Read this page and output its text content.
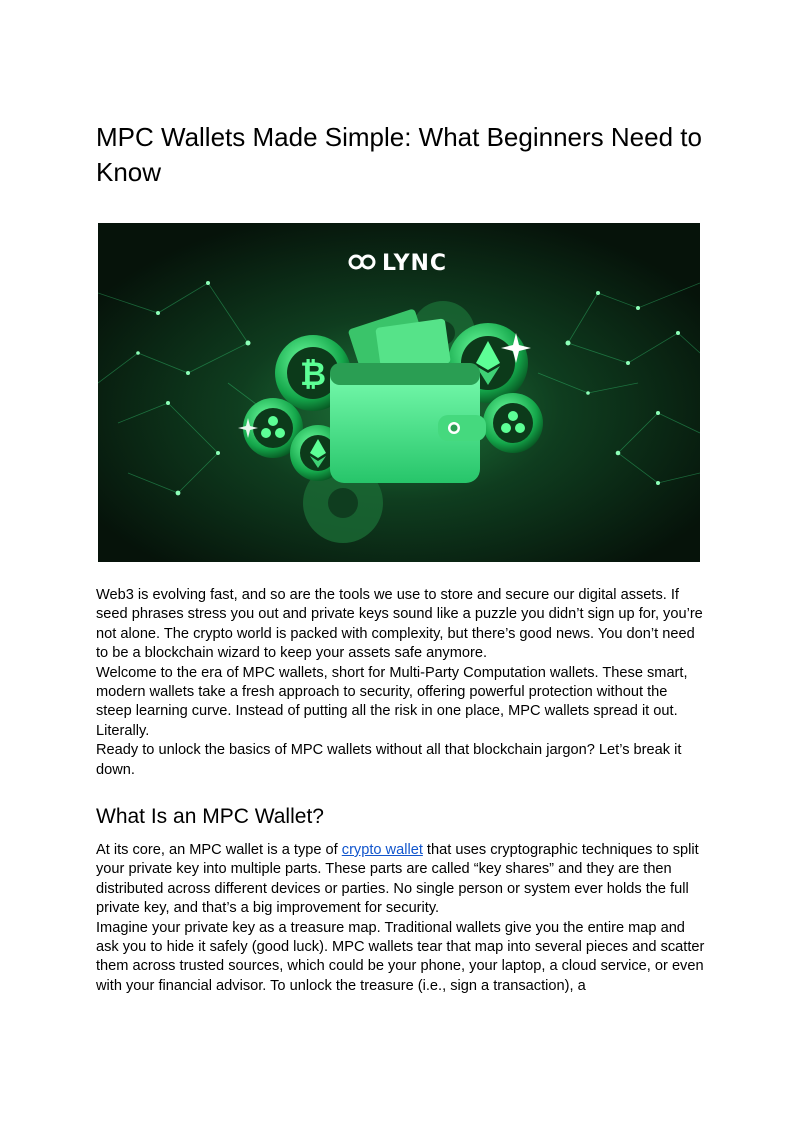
MPC Wallets Made Simple: What Beginners Need to Know
LYNC
₿

Web3 is evolving fast, and so are the tools we use to store and secure our digital assets. If seed phrases stress you out and private keys sound like a puzzle you didn’t sign up for, you’re not alone. The crypto world is packed with complexity, but there’s good news. You don’t need to be a blockchain wizard to keep your assets safe anymore.

Welcome to the era of MPC wallets, short for Multi-Party Computation wallets. These smart, modern wallets take a fresh approach to security, offering powerful protection without the steep learning curve. Instead of putting all the risk in one place, MPC wallets spread it out. Literally.

Ready to unlock the basics of MPC wallets without all that blockchain jargon? Let’s break it down.

What Is an MPC Wallet?

At its core, an MPC wallet is a type of crypto wallet that uses cryptographic techniques to split your private key into multiple parts. These parts are called “key shares” and they are then distributed across different devices or parties. No single person or system ever holds the full private key, and that’s a big improvement for security.

Imagine your private key as a treasure map. Traditional wallets give you the entire map and ask you to hide it safely (good luck). MPC wallets tear that map into several pieces and scatter them across trusted sources, which could be your phone, your laptop, a cloud service, or even with your financial advisor. To unlock the treasure (i.e., sign a transaction), a
